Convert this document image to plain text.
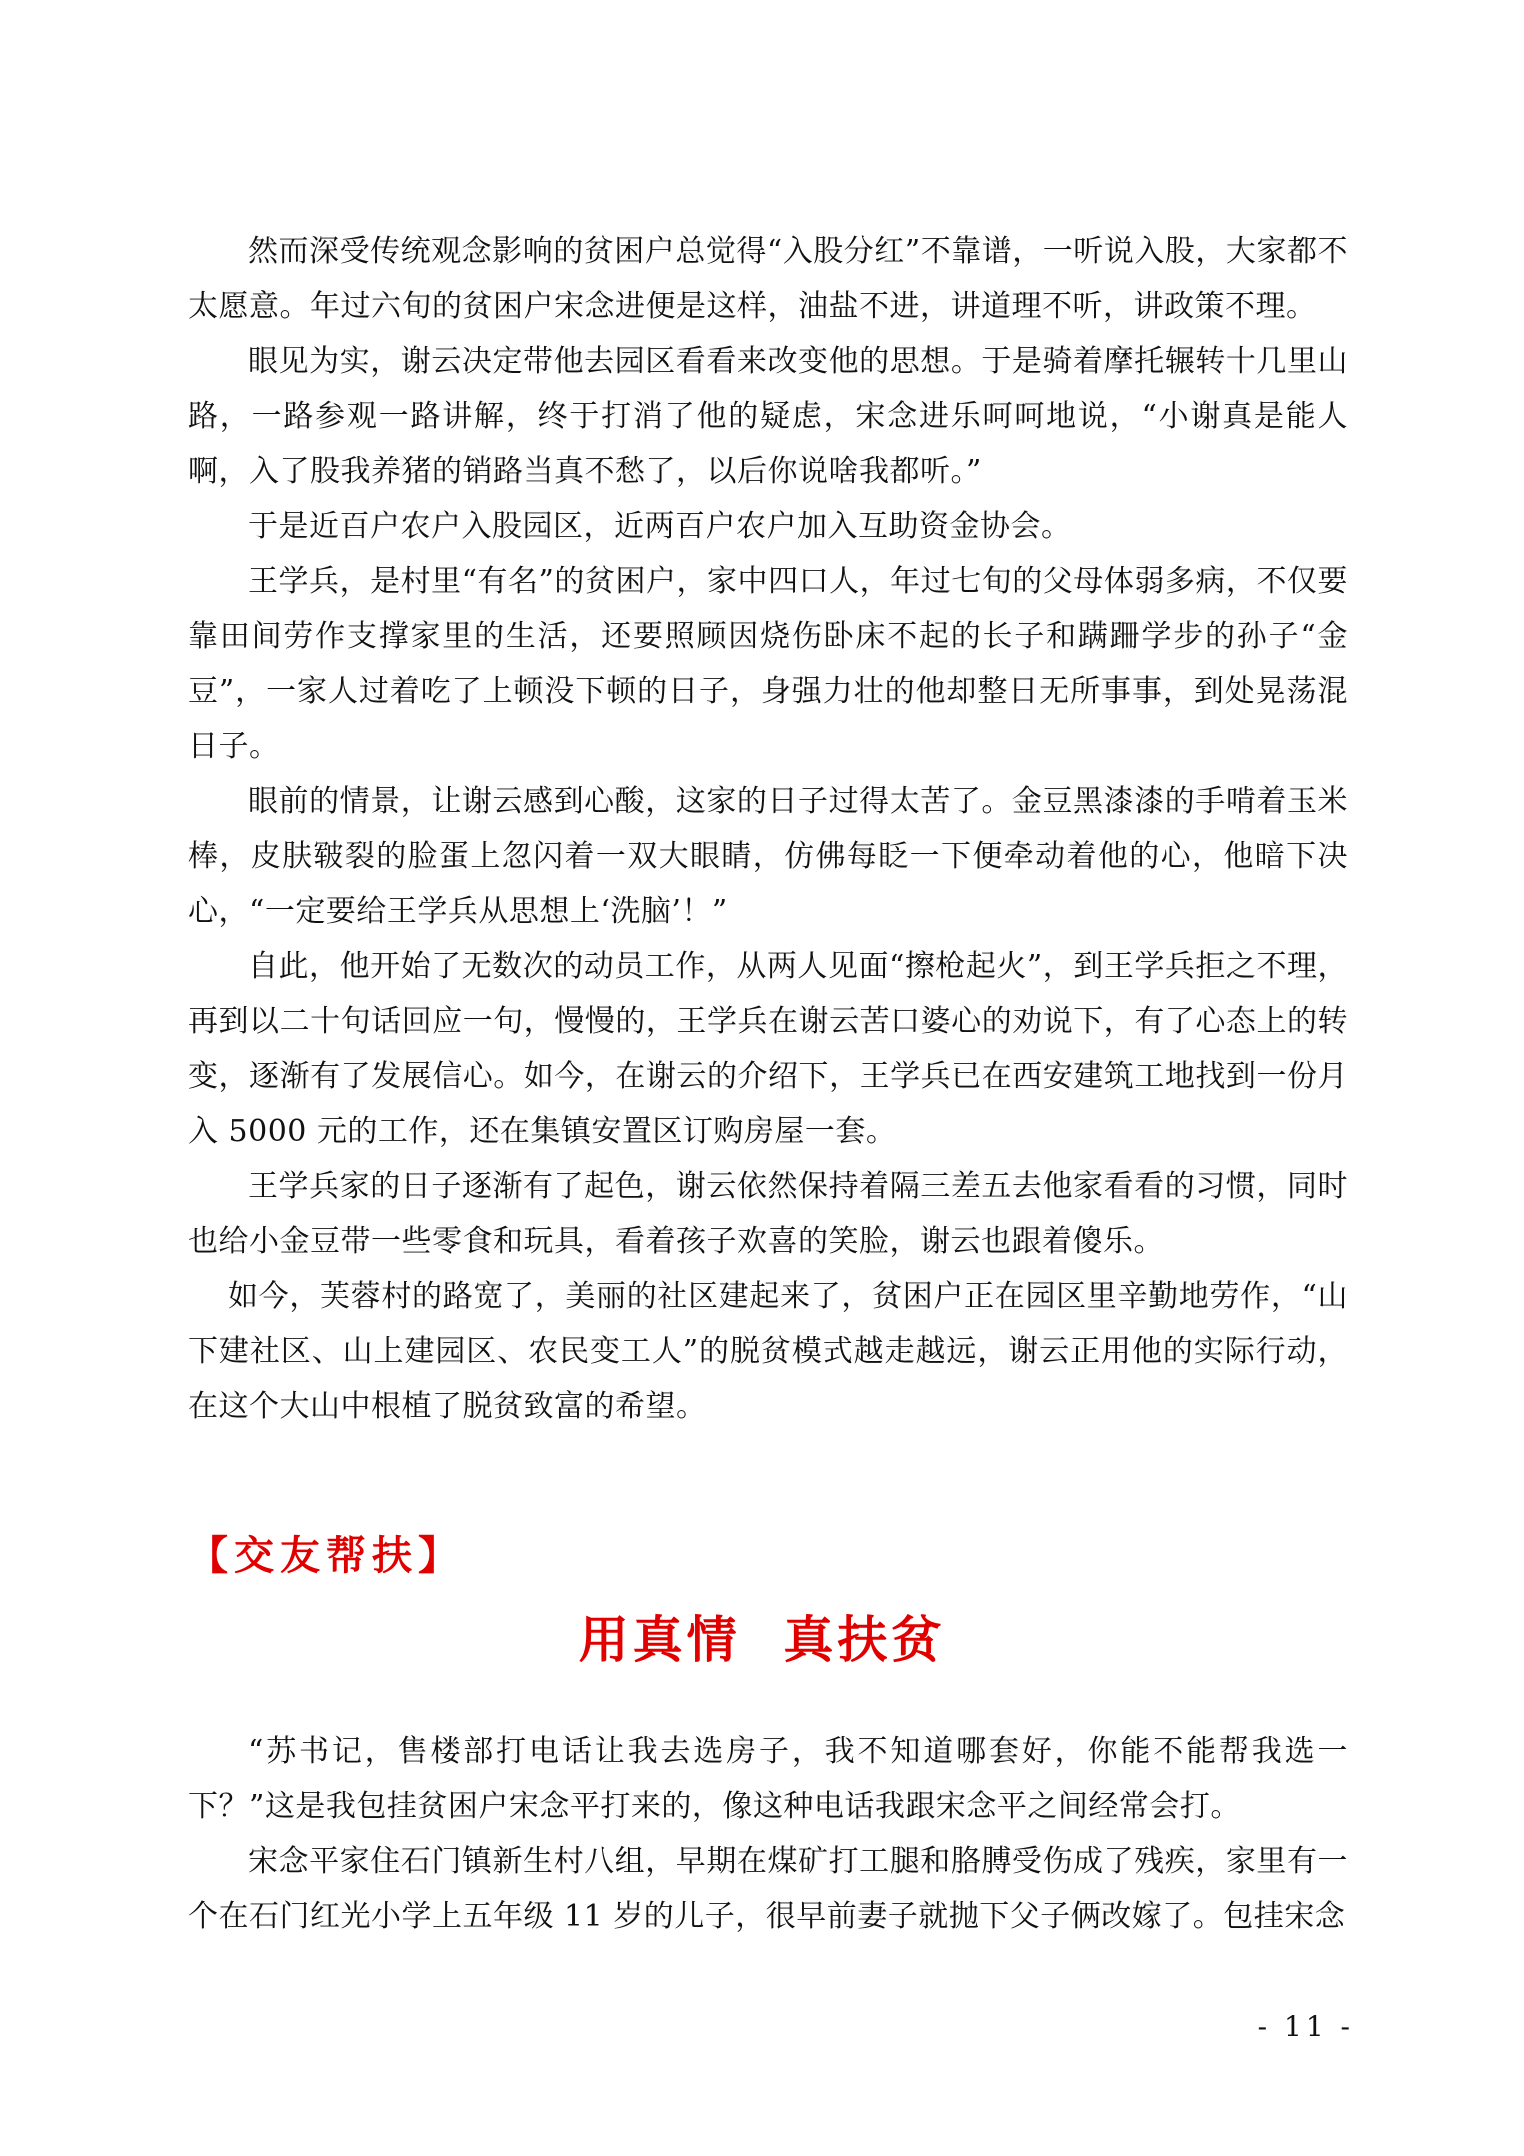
然而深受传统观念影响的贫困户总觉得“入股分红”不靠谱，一听说入股，大家都不太愿意。年过六旬的贫困户宋念进便是这样，油盐不进，讲道理不听，讲政策不理。

眼见为实，谢云决定带他去园区看看来改变他的思想。于是骑着摩托辗转十几里山路，一路参观一路讲解，终于打消了他的疑虑，宋念进乐呵呵地说，“小谢真是能人啊，入了股我养猪的销路当真不愁了，以后你说啥我都听。”

于是近百户农户入股园区，近两百户农户加入互助资金协会。

王学兵，是村里“有名”的贫困户，家中四口人，年过七旬的父母体弱多病，不仅要靠田间劳作支撑家里的生活，还要照顾因烧伤卧床不起的长子和蹒跚学步的孙子“金豆”，一家人过着吃了上顿没下顿的日子，身强力壮的他却整日无所事事，到处晃荡混日子。

眼前的情景，让谢云感到心酸，这家的日子过得太苦了。金豆黑漆漆的手啃着玉米棒，皮肤皲裂的脸蛋上忽闪着一双大眼睛，仿佛每眨一下便牵动着他的心，他暗下决心，“一定要给王学兵从思想上‘洗脑’！”

自此，他开始了无数次的动员工作，从两人见面“擦枪起火”，到王学兵拒之不理，再到以二十句话回应一句，慢慢的，王学兵在谢云苦口婆心的劝说下，有了心态上的转变，逐渐有了发展信心。如今，在谢云的介绍下，王学兵已在西安建筑工地找到一份月入 5000 元的工作，还在集镇安置区订购房屋一套。

王学兵家的日子逐渐有了起色，谢云依然保持着隔三差五去他家看看的习惯，同时也给小金豆带一些零食和玩具，看着孩子欢喜的笑脸，谢云也跟着傻乐。

如今，芙蓉村的路宽了，美丽的社区建起来了，贫困户正在园区里辛勤地劳作，“山下建社区、山上建园区、农民变工人”的脱贫模式越走越远，谢云正用他的实际行动，在这个大山中根植了脱贫致富的希望。

【交友帮扶】
用真情  真扶贫

“苏书记，售楼部打电话让我去选房子，我不知道哪套好，你能不能帮我选一下？”这是我包挂贫困户宋念平打来的，像这种电话我跟宋念平之间经常会打。

宋念平家住石门镇新生村八组，早期在煤矿打工腿和胳膊受伤成了残疾，家里有一个在石门红光小学上五年级 11 岁的儿子，很早前妻子就抛下父子俩改嫁了。包挂宋念

- 11 -
